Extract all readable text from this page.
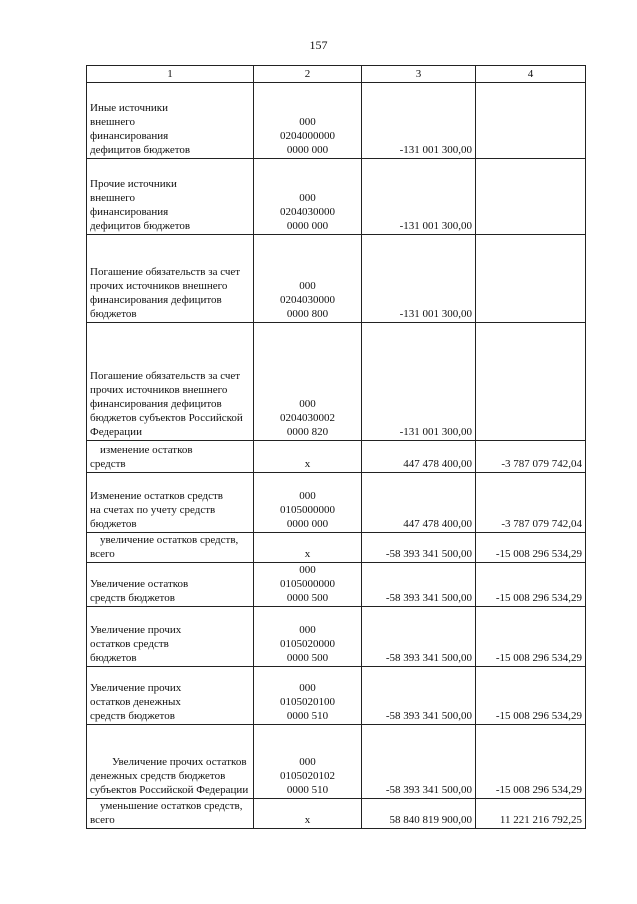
157
1	2	3	4
Иные источники внешнего финансирования дефицитов бюджетов	000 0204000000 0000 000	-131 001 300,00	
Прочие источники внешнего финансирования дефицитов бюджетов	000 0204030000 0000 000	-131 001 300,00	
Погашение обязательств за счет прочих источников внешнего финансирования дефицитов бюджетов	000 0204030000 0000 800	-131 001 300,00	
Погашение обязательств за счет прочих источников внешнего финансирования дефицитов бюджетов субъектов Российской Федерации	000 0204030002 0000 820	-131 001 300,00	
изменение остатков средств	х	447 478 400,00	-3 787 079 742,04
Изменение остатков средств на счетах по учету средств бюджетов	000 0105000000 0000 000	447 478 400,00	-3 787 079 742,04
увеличение остатков средств, всего	х	-58 393 341 500,00	-15 008 296 534,29
Увеличение остатков средств бюджетов	000 0105000000 0000 500	-58 393 341 500,00	-15 008 296 534,29
Увеличение прочих остатков средств бюджетов	000 0105020000 0000 500	-58 393 341 500,00	-15 008 296 534,29
Увеличение прочих остатков денежных средств бюджетов	000 0105020100 0000 510	-58 393 341 500,00	-15 008 296 534,29
Увеличение прочих остатков денежных средств бюджетов субъектов Российской Федерации	000 0105020102 0000 510	-58 393 341 500,00	-15 008 296 534,29
уменьшение остатков средств, всего	х	58 840 819 900,00	11 221 216 792,25
